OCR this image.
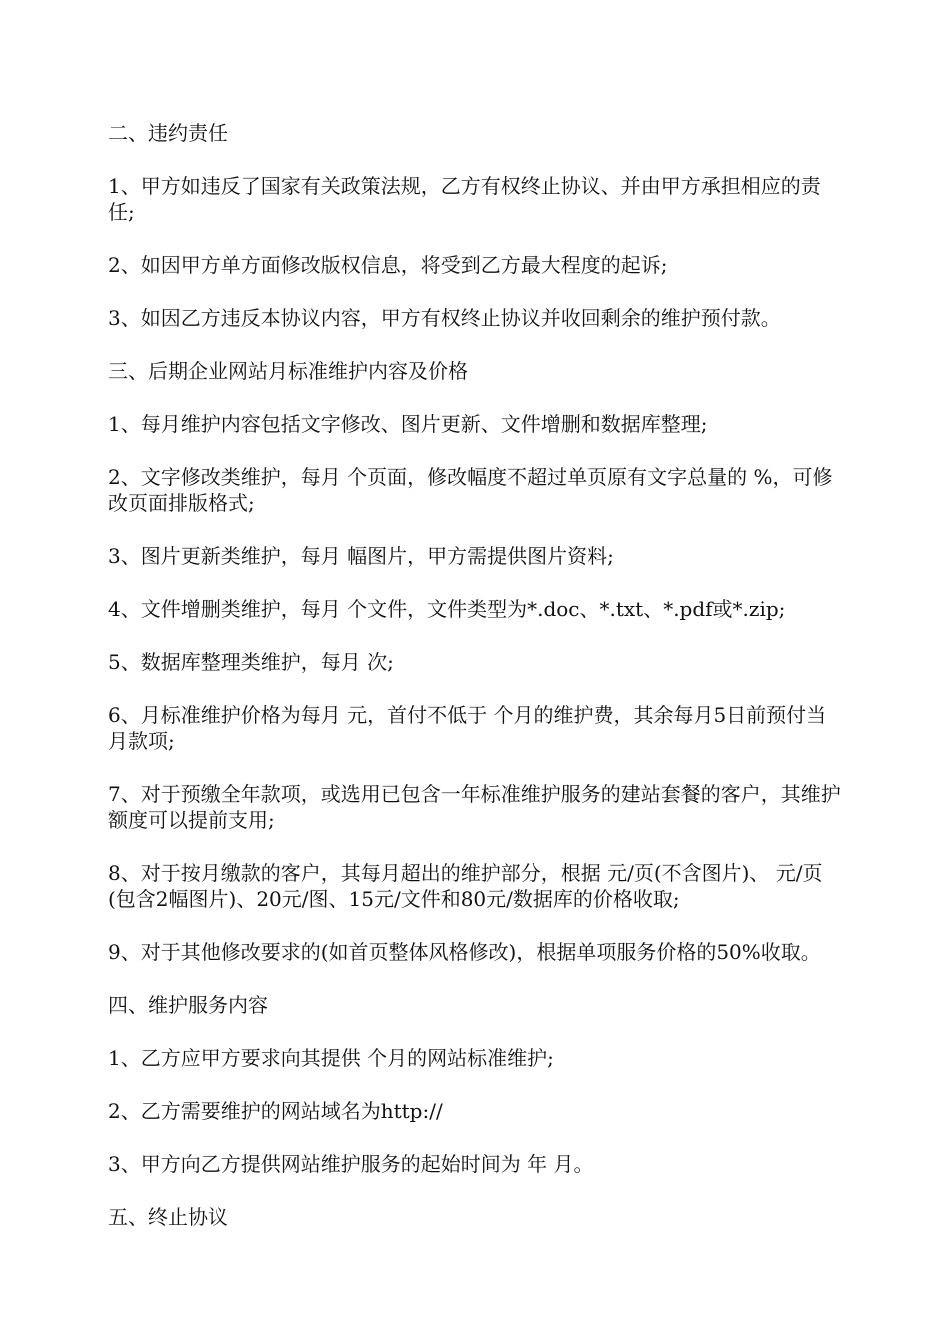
二、违约责任

1、甲方如违反了国家有关政策法规，乙方有权终止协议、并由甲方承担相应的责任;

2、如因甲方单方面修改版权信息，将受到乙方最大程度的起诉;

3、如因乙方违反本协议内容，甲方有权终止协议并收回剩余的维护预付款。

三、后期企业网站月标准维护内容及价格

1、每月维护内容包括文字修改、图片更新、文件增删和数据库整理;

2、文字修改类维护，每月 个页面，修改幅度不超过单页原有文字总量的 %，可修改页面排版格式;

3、图片更新类维护，每月 幅图片，甲方需提供图片资料;

4、文件增删类维护，每月 个文件，文件类型为*.doc、*.txt、*.pdf或*.zip;

5、数据库整理类维护，每月 次;

6、月标准维护价格为每月 元，首付不低于 个月的维护费，其余每月5日前预付当月款项;

7、对于预缴全年款项，或选用已包含一年标准维护服务的建站套餐的客户，其维护额度可以提前支用;

8、对于按月缴款的客户，其每月超出的维护部分，根据 元/页(不含图片)、 元/页(包含2幅图片)、20元/图、15元/文件和80元/数据库的价格收取;

9、对于其他修改要求的(如首页整体风格修改)，根据单项服务价格的50%收取。

四、维护服务内容

1、乙方应甲方要求向其提供 个月的网站标准维护;

2、乙方需要维护的网站域名为http://

3、甲方向乙方提供网站维护服务的起始时间为 年 月。

五、终止协议
